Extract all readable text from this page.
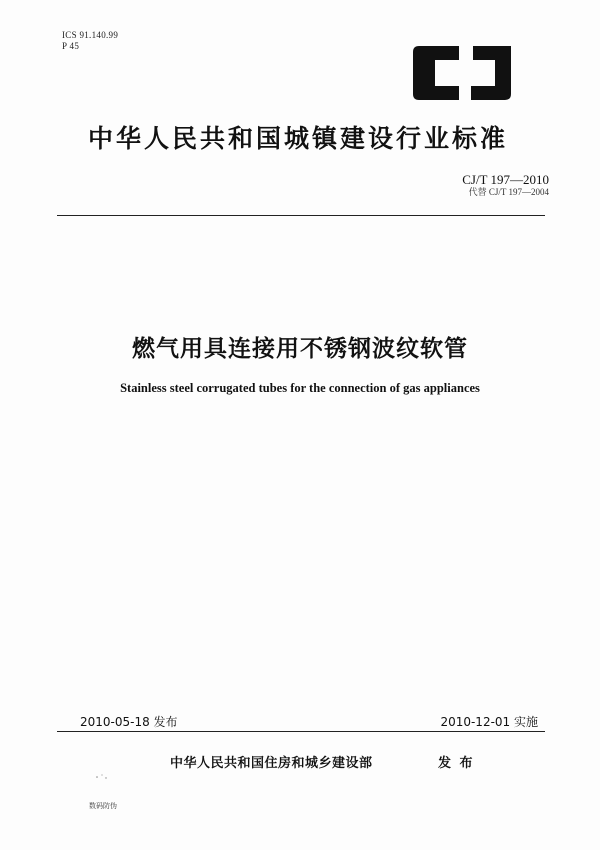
ICS 91.140.99
P 45
中华人民共和国城镇建设行业标准
CJ/T 197—2010
代替 CJ/T 197—2004
燃气用具连接用不锈钢波纹软管
Stainless steel corrugated tubes for the connection of gas appliances
2010-05-18 发布	2010-12-01 实施
中华人民共和国住房和城乡建设部	发 布
数码防伪
